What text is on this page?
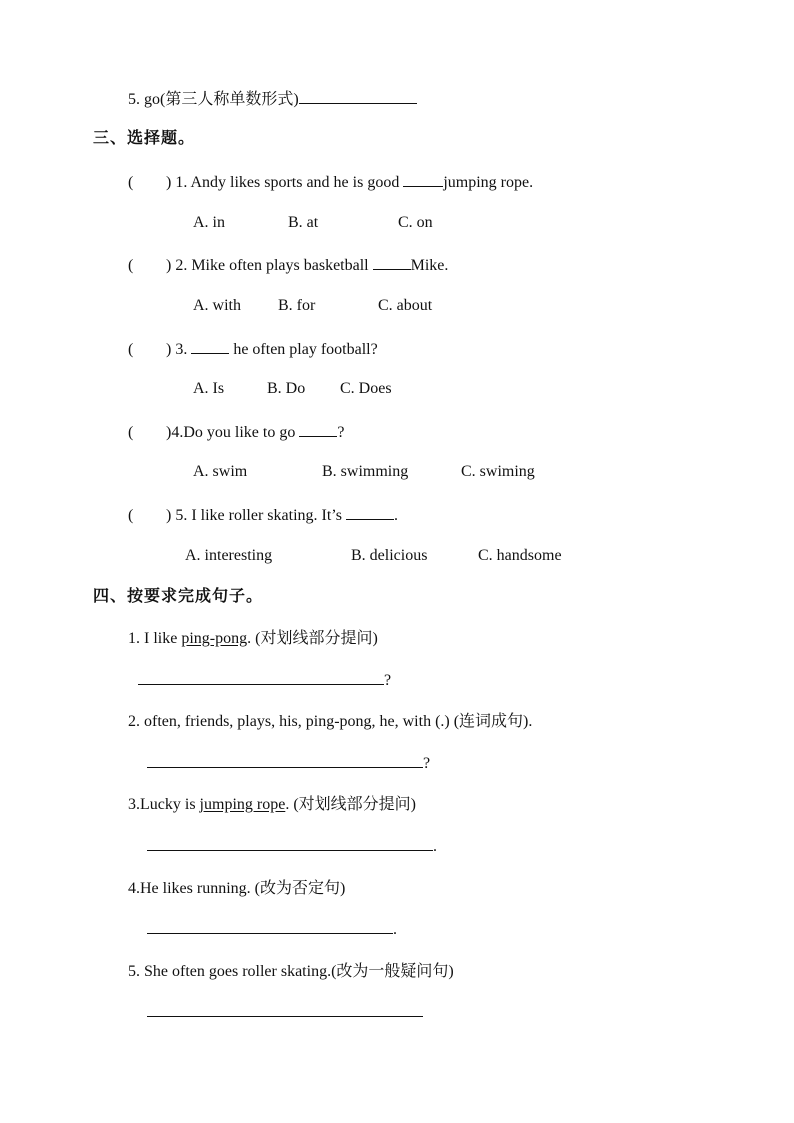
5. go(第三人称单数形式)
三、选择题。
( ) 1. Andy likes sports and he is good	jumping rope.
A. in	B. at	C. on
( ) 2. Mike often plays basketball Mike.
A. with B. for	C. about
( ) 3.	he often play football?
A. Is	B. Do C. Does
( )4.Do you like to go ?
A. swim	B. swimming	C. swiming
( ) 5. I like roller skating. It’s	.
A. interesting	B. delicious	C. handsome
四、按要求完成句子。
1. I like ping-pong. (对划线部分提问)
?
2. often, friends, plays, his, ping-pong, he, with (.) (连词成句).
?
3.Lucky is jumping rope. (对划线部分提问)
.
4.He likes running. (改为否定句)
.
5. She often goes roller skating.(改为一般疑问句)
